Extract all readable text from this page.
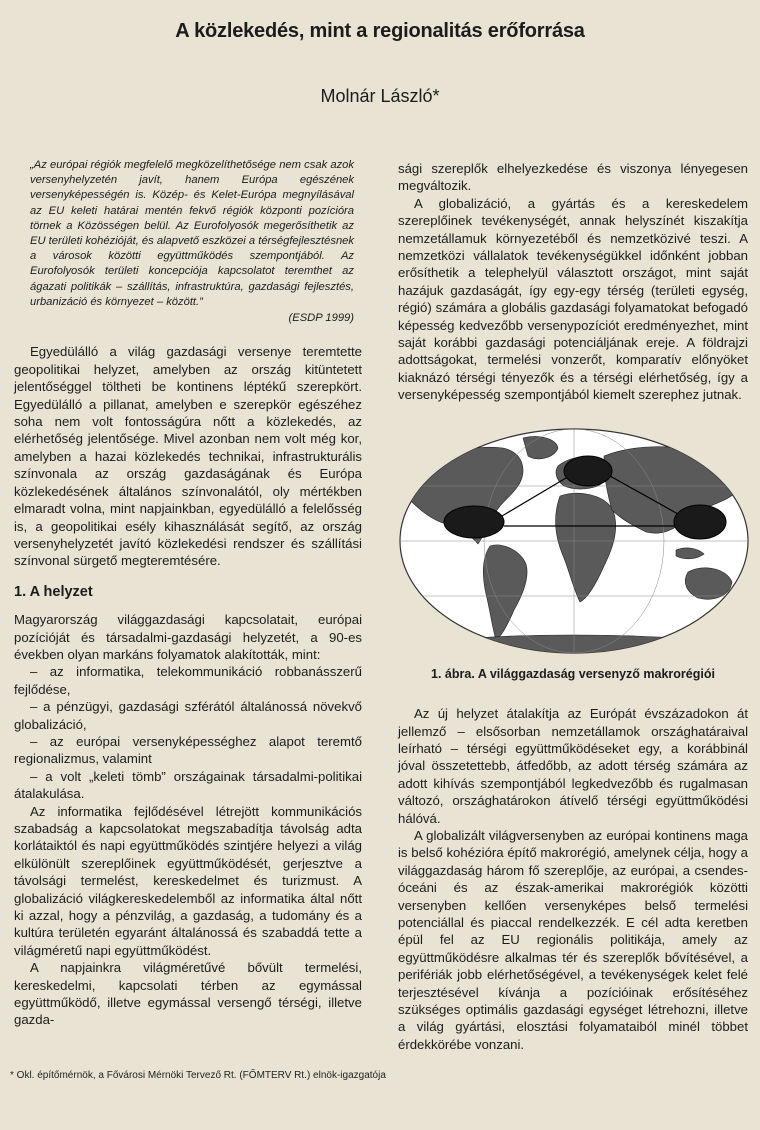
A közlekedés, mint a regionalitás erőforrása
Molnár László*

„Az európai régiók megfelelő megközelíthetősége nem csak azok versenyhelyzetén javít, hanem Európa egészének versenyképességén is. Közép- és Kelet-Európa megnyílásával az EU keleti határai mentén fekvő régiók központi pozícióra törnek a Közösségen belül. Az Eurofolyosók megerősíthetik az EU területi kohézióját, és alapvető eszközei a térségfejlesztésnek a városok közötti együttműködés szempontjából. Az Eurofolyosók területi koncepciója kapcsolatot teremthet az ágazati politikák – szállítás, infrastruktúra, gazdasági fejlesztés, urbanizáció és környezet – között.”

(ESDP 1999)

Egyedülálló a világ gazdasági versenye teremtette geopolitikai helyzet, amelyben az ország kitüntetett jelentőséggel töltheti be kontinens léptékű szerepkört. Egyedülálló a pillanat, amelyben e szerepkör egészéhez soha nem volt fontosságúra nőtt a közlekedés, az elérhetőség jelentősége. Mivel azonban nem volt még kor, amelyben a hazai közlekedés technikai, infrastrukturális színvonala az ország gazdaságának és Európa közlekedésének általános színvonalától, oly mértékben elmaradt volna, mint napjainkban, egyedülálló a felelősség is, a geopolitikai esély kihasználását segítő, az ország versenyhelyzetét javító közlekedési rendszer és szállítási színvonal sürgető megteremtésére.

1. A helyzet

Magyarország világgazdasági kapcsolatait, európai pozícióját és társadalmi-gazdasági helyzetét, a 90-es években olyan markáns folyamatok alakították, mint:

– az informatika, telekommunikáció robbanásszerű fejlődése,

– a pénzügyi, gazdasági szférától általánossá növekvő globalizáció,

– az európai versenyképességhez alapot teremtő regionalizmus, valamint

– a volt „keleti tömb” országainak társadalmi-politikai átalakulása.

Az informatika fejlődésével létrejött kommunikációs szabadság a kapcsolatokat megszabadítja távolság adta korlátaiktól és napi együttműködés szintjére helyezi a világ elkülönült szereplőinek együttműködését, gerjesztve a távolsági termelést, kereskedelmet és turizmust. A globalizáció világkereskedelemből az informatika által nőtt ki azzal, hogy a pénzvilág, a gazdaság, a tudomány és a kultúra területén egyaránt általánossá és szabaddá tette a világméretű napi együttműködést.

A napjainkra világméretűvé bővült termelési, kereskedelmi, kapcsolati térben az egymással együttműködő, illetve egymással versengő térségi, illetve gazda-

sági szereplők elhelyezkedése és viszonya lényegesen megváltozik.

A globalizáció, a gyártás és a kereskedelem szereplőinek tevékenységét, annak helyszínét kiszakítja nemzetállamuk környezetéből és nemzetközivé teszi. A nemzetközi vállalatok tevékenységükkel időnként jobban erősíthetik a telephelyül választott országot, mint saját hazájuk gazdaságát, így egy-egy térség (területi egység, régió) számára a globális gazdasági folyamatokat befogadó képesség kedvezőbb versenypozíciót eredményezhet, mint saját korábbi gazdasági potenciáljának ereje. A földrajzi adottságokat, termelési vonzerőt, komparatív előnyöket kiaknázó térségi tényezők és a térségi elérhetőség, így a versenyképesség szempontjából kiemelt szerephez jutnak.

1. ábra. A világgazdaság versenyző makrorégiói

Az új helyzet átalakítja az Európát évszázadokon át jellemző – elsősorban nemzetállamok országhatáraival leírható – térségi együttműködéseket egy, a korábbinál jóval összetettebb, átfedőbb, az adott térség számára az adott kihívás szempontjából legkedvezőbb és rugalmasan változó, országhatárokon átívelő térségi együttműködési hálóvá.

A globalizált világversenyben az európai kontinens maga is belső kohézióra építő makrorégió, amelynek célja, hogy a világgazdaság három fő szereplője, az európai, a csendes-óceáni és az észak-amerikai makrorégiók közötti versenyben kellően versenyképes belső termelési potenciállal és piaccal rendelkezzék. E cél adta keretben épül fel az EU regionális politikája, amely az együttműködésre alkalmas tér és szereplők bővítésével, a perifériák jobb elérhetőségével, a tevékenységek kelet felé terjesztésével kívánja a pozícióinak erősítéséhez szükséges optimális gazdasági egységet létrehozni, illetve a világ gyártási, elosztási folyamataiból minél többet érdekkörébe vonzani.

* Okl. építőmérnök, a Fővárosi Mérnöki Tervező Rt. (FŐMTERV Rt.) elnök-igazgatója
